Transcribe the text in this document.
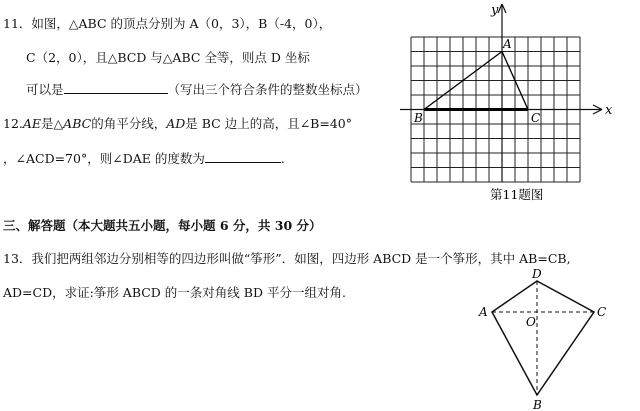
11．如图，△ABC 的顶点分别为 A（0，3），B（-4，0），
C（2，0），且△BCD 与△ABC 全等，则点 D 坐标
可以是	（写出三个符合条件的整数坐标点）
12.AE是△ABC的角平分线，AD是 BC 边上的高，且∠B=40°
，∠ACD=70°，则∠DAE 的度数为	.
x
y
A
B	C
第11题图
三、解答题（本大题共五小题，每小题 6 分，共 30 分）
13．我们把两组邻边分别相等的四边形叫做“筝形”．如图，四边形 ABCD 是一个筝形，其中 AB=CB,
AD=CD，求证:筝形 ABCD 的一条对角线 BD 平分一组对角.
A
B
C
D
O
